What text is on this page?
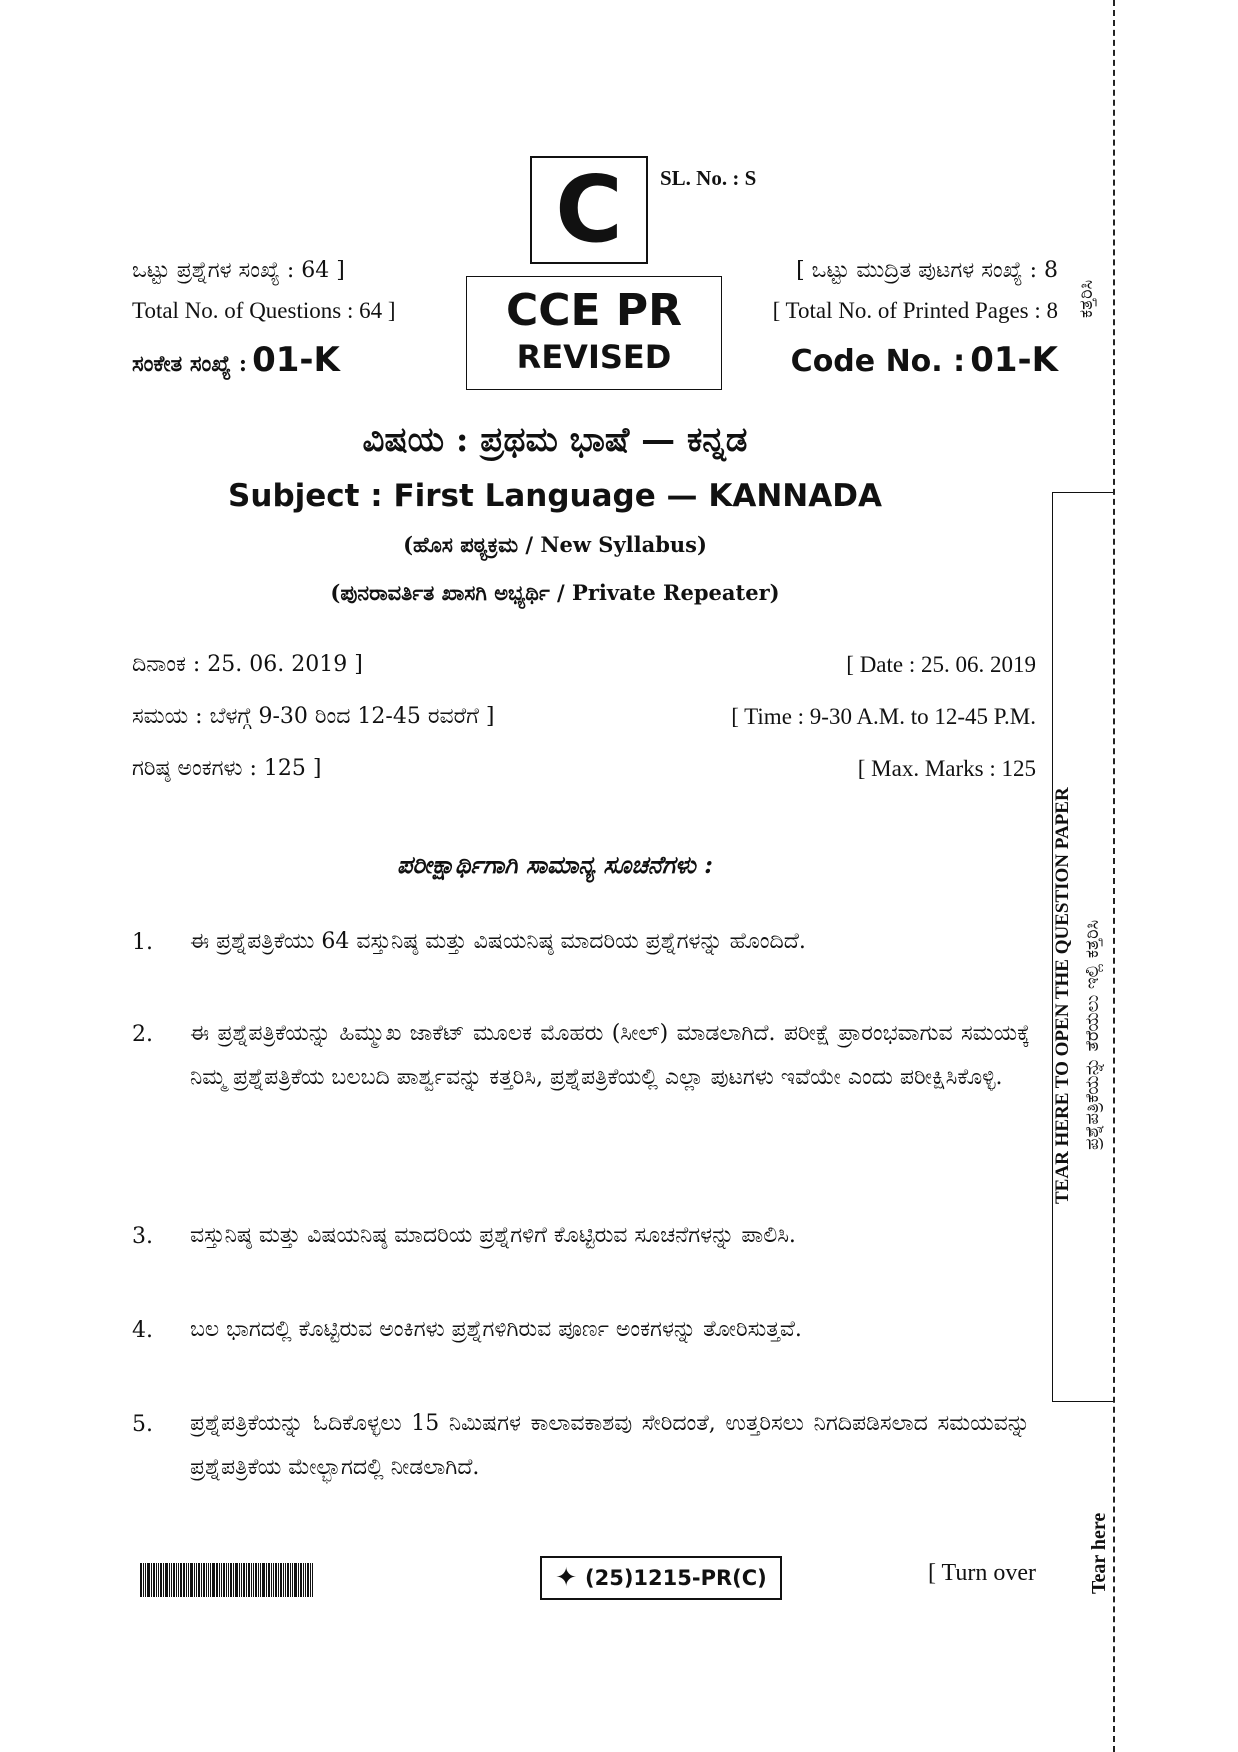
C SL. No. : S
ಒಟ್ಟು ಪ್ರಶ್ನೆಗಳ ಸಂಖ್ಯೆ : 64 ]
Total No. of Questions : 64 ]
ಸಂಕೇತ ಸಂಖ್ಯೆ : 01-K
CCE PR
REVISED
[ ಒಟ್ಟು ಮುದ್ರಿತ ಪುಟಗಳ ಸಂಖ್ಯೆ : 8
[ Total No. of Printed Pages : 8
Code No. : 01-K
ವಿಷಯ : ಪ್ರಥಮ ಭಾಷೆ — ಕನ್ನಡ
Subject : First Language — KANNADA
(ಹೊಸ ಪಠ್ಯಕ್ರಮ / New Syllabus)
(ಪುನರಾವರ್ತಿತ ಖಾಸಗಿ ಅಭ್ಯರ್ಥಿ / Private Repeater)
ದಿನಾಂಕ : 25. 06. 2019 ]
ಸಮಯ : ಬೆಳಗ್ಗೆ 9-30 ರಿಂದ 12-45 ರವರೆಗೆ ]
ಗರಿಷ್ಠ ಅಂಕಗಳು : 125 ]
[ Date : 25. 06. 2019
[ Time : 9-30 A.M. to 12-45 P.M.
[ Max. Marks : 125
ಪರೀಕ್ಷಾರ್ಥಿಗಾಗಿ ಸಾಮಾನ್ಯ ಸೂಚನೆಗಳು :
1. ಈ ಪ್ರಶ್ನೆಪತ್ರಿಕೆಯು 64 ವಸ್ತುನಿಷ್ಠ ಮತ್ತು ವಿಷಯನಿಷ್ಠ ಮಾದರಿಯ ಪ್ರಶ್ನೆಗಳನ್ನು ಹೊಂದಿದೆ.
2. ಈ ಪ್ರಶ್ನೆಪತ್ರಿಕೆಯನ್ನು ಹಿಮ್ಮುಖ ಜಾಕೆಟ್ ಮೂಲಕ ಮೊಹರು (ಸೀಲ್) ಮಾಡಲಾಗಿದೆ. ಪರೀಕ್ಷೆ ಪ್ರಾರಂಭವಾಗುವ ಸಮಯಕ್ಕೆ ನಿಮ್ಮ ಪ್ರಶ್ನೆಪತ್ರಿಕೆಯ ಬಲಬದಿ ಪಾರ್ಶ್ವವನ್ನು ಕತ್ತರಿಸಿ, ಪ್ರಶ್ನೆಪತ್ರಿಕೆಯಲ್ಲಿ ಎಲ್ಲಾ ಪುಟಗಳು ಇವೆಯೇ ಎಂದು ಪರೀಕ್ಷಿಸಿಕೊಳ್ಳಿ.
3. ವಸ್ತುನಿಷ್ಠ ಮತ್ತು ವಿಷಯನಿಷ್ಠ ಮಾದರಿಯ ಪ್ರಶ್ನೆಗಳಿಗೆ ಕೊಟ್ಟಿರುವ ಸೂಚನೆಗಳನ್ನು ಪಾಲಿಸಿ.
4. ಬಲ ಭಾಗದಲ್ಲಿ ಕೊಟ್ಟಿರುವ ಅಂಕಿಗಳು ಪ್ರಶ್ನೆಗಳಿಗಿರುವ ಪೂರ್ಣ ಅಂಕಗಳನ್ನು ತೋರಿಸುತ್ತವೆ.
5. ಪ್ರಶ್ನೆಪತ್ರಿಕೆಯನ್ನು ಓದಿಕೊಳ್ಳಲು 15 ನಿಮಿಷಗಳ ಕಾಲಾವಕಾಶವು ಸೇರಿದಂತೆ, ಉತ್ತರಿಸಲು ನಿಗದಿಪಡಿಸಲಾದ ಸಮಯವನ್ನು ಪ್ರಶ್ನೆಪತ್ರಿಕೆಯ ಮೇಲ್ಭಾಗದಲ್ಲಿ ನೀಡಲಾಗಿದೆ.
✦ (25)1215-PR(C)	[ Turn over
ಕತ್ತರಿಸಿ
TEAR HERE TO OPEN THE QUESTION PAPER ಪ್ರಶ್ನೆಪತ್ರಿಕೆಯನ್ನು ತೆರೆಯಲು ಇಲ್ಲಿ ಕತ್ತರಿಸಿ
Tear here
